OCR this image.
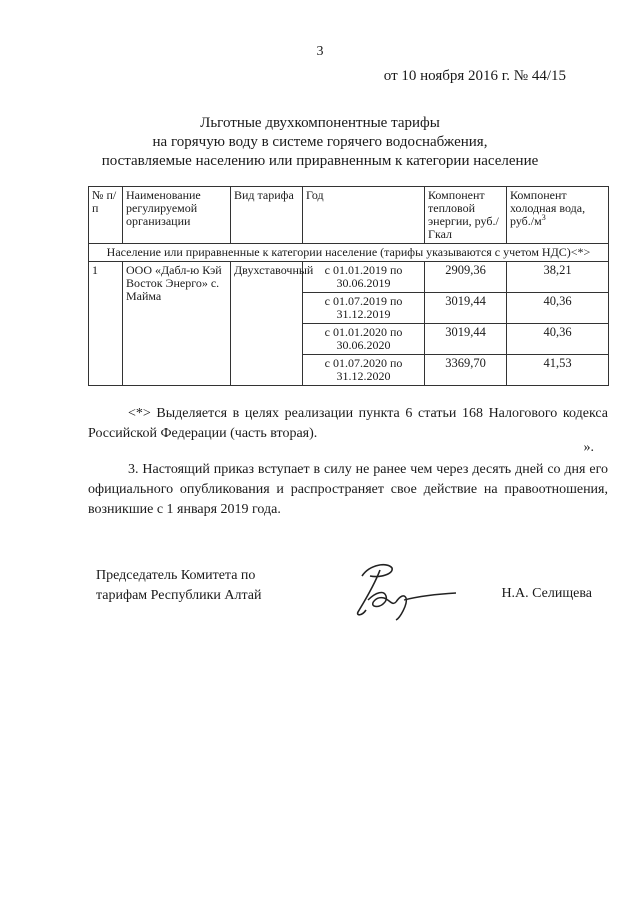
3
от 10 ноября 2016 г. № 44/15
Льготные двухкомпонентные тарифы
на горячую воду в системе горячего водоснабжения,
поставляемые населению или приравненным к категории население
№ п/п	Наименование регулируемой организации	Вид тарифа	Год	Компонент тепловой энергии, руб./Гкал	Компонент холодная вода, $руб./м^3$
Население или приравненные к категории население (тарифы указываются с учетом НДС)<*>					
1	ООО «Дабл-ю Кэй Восток Энерго» с. Майма	Двухставочный	с 01.01.2019 по 30.06.2019	2909,36	38,21
			с 01.07.2019 по 31.12.2019	3019,44	40,36
			с 01.01.2020 по 30.06.2020	3019,44	40,36
			с 01.07.2020 по 31.12.2020	3369,70	41,53
<*> Выделяется в целях реализации пункта 6 статьи 168 Налогового кодекса Российской Федерации (часть вторая).
».
3. Настоящий приказ вступает в силу не ранее чем через десять дней со дня его официального опубликования и распространяет свое действие на правоотношения, возникшие с 1 января 2019 года.
Председатель Комитета по
тарифам Республики Алтай	Н.А. Селищева
